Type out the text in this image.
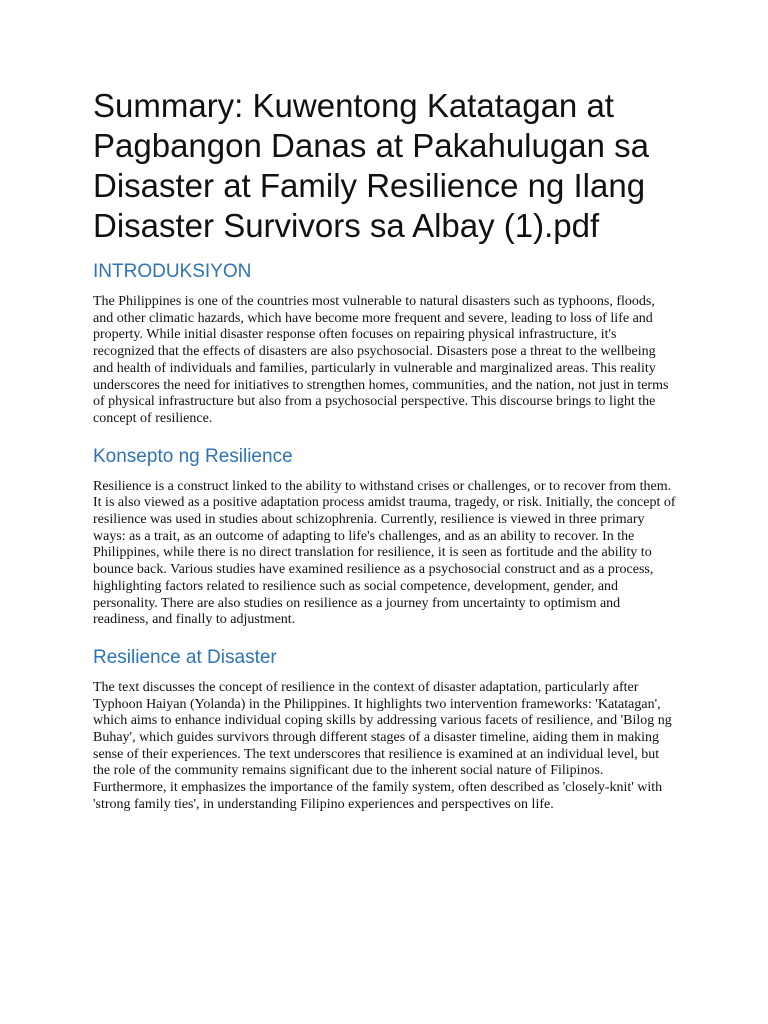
Summary: Kuwentong Katatagan at Pagbangon Danas at Pakahulugan sa Disaster at Family Resilience ng Ilang Disaster Survivors sa Albay (1).pdf
INTRODUKSIYON

The Philippines is one of the countries most vulnerable to natural disasters such as typhoons, floods, and other climatic hazards, which have become more frequent and severe, leading to loss of life and property. While initial disaster response often focuses on repairing physical infrastructure, it's recognized that the effects of disasters are also psychosocial. Disasters pose a threat to the wellbeing and health of individuals and families, particularly in vulnerable and marginalized areas. This reality underscores the need for initiatives to strengthen homes, communities, and the nation, not just in terms of physical infrastructure but also from a psychosocial perspective. This discourse brings to light the concept of resilience.

Konsepto ng Resilience

Resilience is a construct linked to the ability to withstand crises or challenges, or to recover from them. It is also viewed as a positive adaptation process amidst trauma, tragedy, or risk. Initially, the concept of resilience was used in studies about schizophrenia. Currently, resilience is viewed in three primary ways: as a trait, as an outcome of adapting to life's challenges, and as an ability to recover. In the Philippines, while there is no direct translation for resilience, it is seen as fortitude and the ability to bounce back. Various studies have examined resilience as a psychosocial construct and as a process, highlighting factors related to resilience such as social competence, development, gender, and personality. There are also studies on resilience as a journey from uncertainty to optimism and readiness, and finally to adjustment.

Resilience at Disaster

The text discusses the concept of resilience in the context of disaster adaptation, particularly after Typhoon Haiyan (Yolanda) in the Philippines. It highlights two intervention frameworks: 'Katatagan', which aims to enhance individual coping skills by addressing various facets of resilience, and 'Bilog ng Buhay', which guides survivors through different stages of a disaster timeline, aiding them in making sense of their experiences. The text underscores that resilience is examined at an individual level, but the role of the community remains significant due to the inherent social nature of Filipinos. Furthermore, it emphasizes the importance of the family system, often described as 'closely-knit' with 'strong family ties', in understanding Filipino experiences and perspectives on life.
